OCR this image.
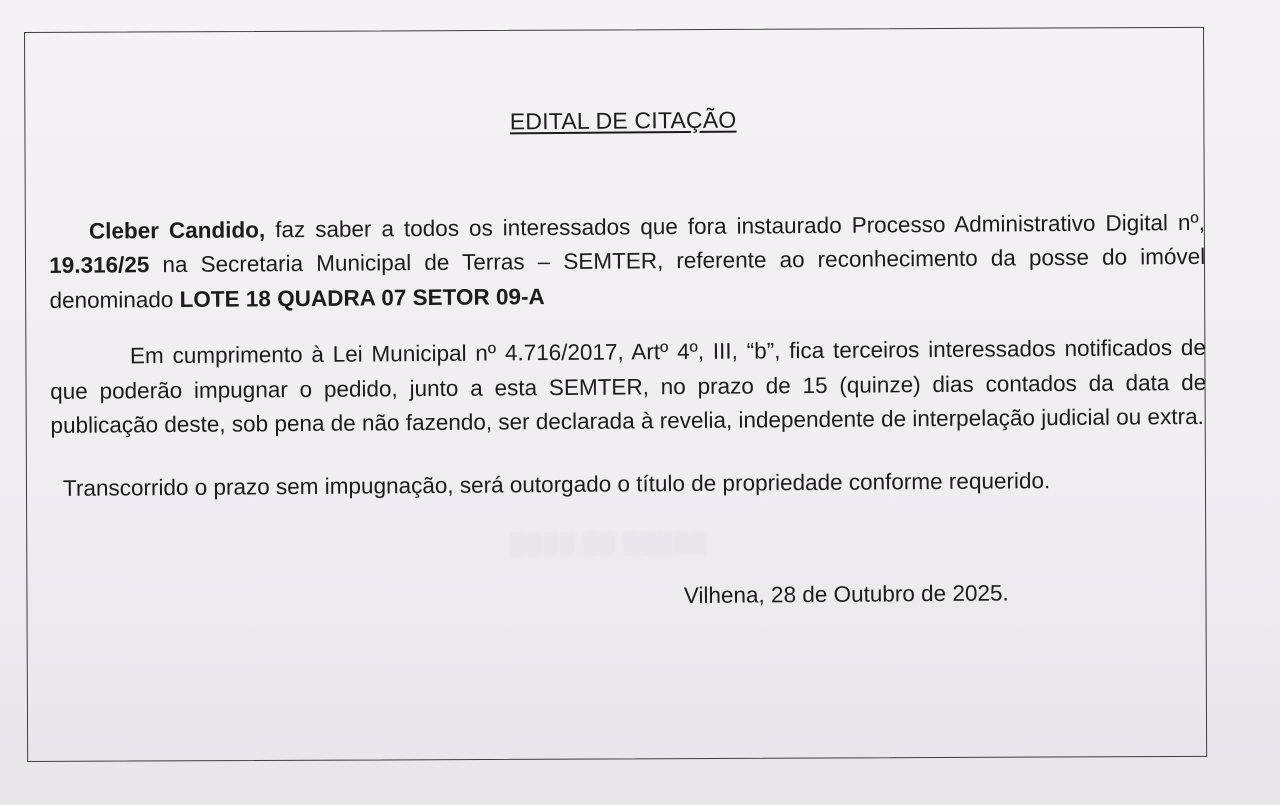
▒▒▒▒ ▒▒ ▒▒▒▒▒
EDITAL DE CITAÇÃO

Cleber Candido, faz saber a todos os interessados que fora instaurado Processo Administrativo Digital nº, 19.316/25 na Secretaria Municipal de Terras – SEMTER, referente ao reconhecimento da posse do imóvel denominado LOTE 18 QUADRA 07 SETOR 09-A

Em cumprimento à Lei Municipal nº 4.716/2017, Artº 4º, III, “b”, fica terceiros interessados notificados de que poderão impugnar o pedido, junto a esta SEMTER, no prazo de 15 (quinze) dias contados da data de publicação deste, sob pena de não fazendo, ser declarada à revelia, independente de interpelação judicial ou extra.

Transcorrido o prazo sem impugnação, será outorgado o título de propriedade conforme requerido.

Vilhena, 28 de Outubro de 2025.
